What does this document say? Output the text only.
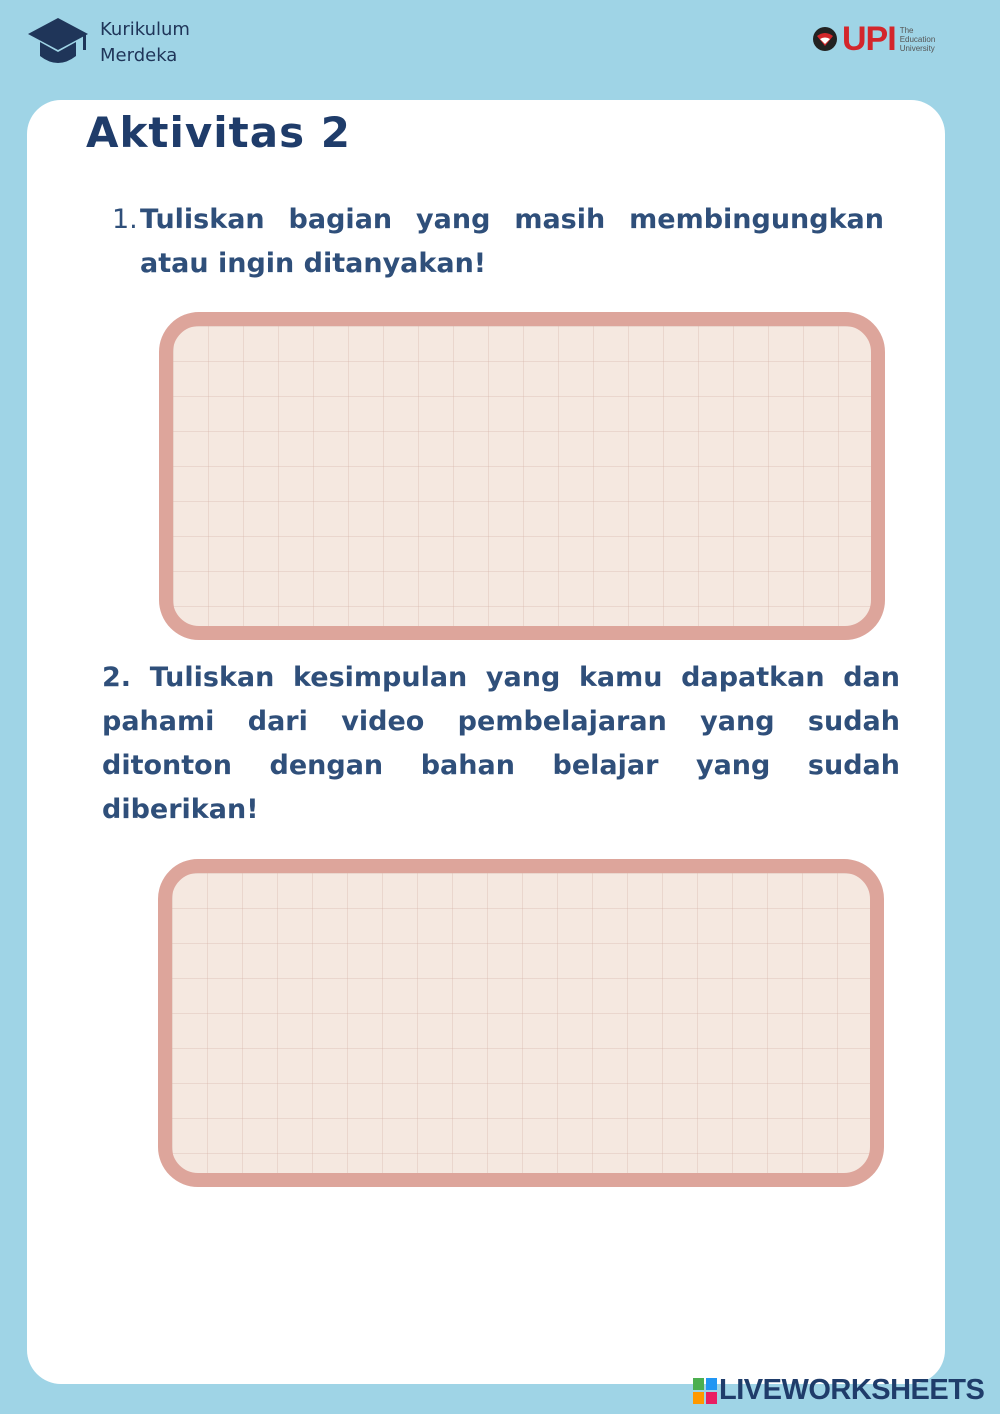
Kurikulum
Merdeka	UPI The
Education
University
Aktivitas 2
1. Tuliskan bagian yang masih membingungkan atau ingin ditanyakan!
2. Tuliskan kesimpulan yang kamu dapatkan dan pahami dari video pembelajaran yang sudah ditonton dengan bahan belajar yang sudah diberikan!
LIVEWORKSHEETS
